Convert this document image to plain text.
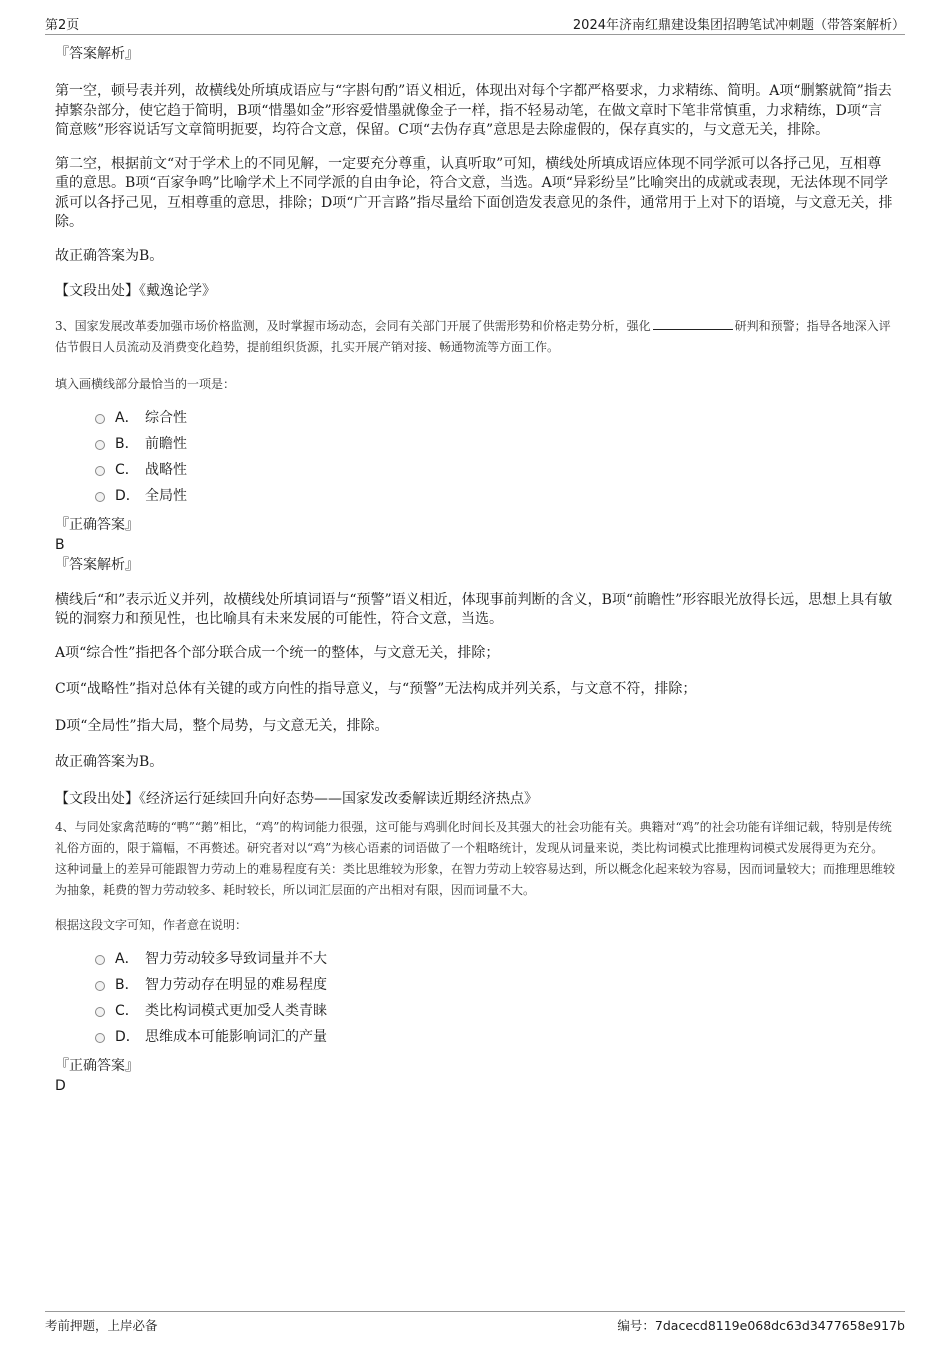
第2页	2024年济南红鼎建设集团招聘笔试冲刺题（带答案解析）
『答案解析』

第一空，顿号表并列，故横线处所填成语应与“字斟句酌”语义相近，体现出对每个字都严格要求，力求精练、简明。A项“删繁就简”指去掉繁杂部分，使它趋于简明，B项“惜墨如金”形容爱惜墨就像金子一样，指不轻易动笔，在做文章时下笔非常慎重，力求精练，D项“言简意赅”形容说话写文章简明扼要，均符合文意，保留。C项“去伪存真”意思是去除虚假的，保存真实的，与文意无关，排除。

第二空，根据前文“对于学术上的不同见解，一定要充分尊重，认真听取”可知，横线处所填成语应体现不同学派可以各抒己见，互相尊重的意思。B项“百家争鸣”比喻学术上不同学派的自由争论，符合文意，当选。A项“异彩纷呈”比喻突出的成就或表现，无法体现不同学派可以各抒己见，互相尊重的意思，排除；D项“广开言路”指尽量给下面创造发表意见的条件，通常用于上对下的语境，与文意无关，排除。

故正确答案为B。

【文段出处】《戴逸论学》

3、国家发展改革委加强市场价格监测，及时掌握市场动态，会同有关部门开展了供需形势和价格走势分析，强化	研判和预警；指导各地深入评估节假日人员流动及消费变化趋势，提前组织货源，扎实开展产销对接、畅通物流等方面工作。

填入画横线部分最恰当的一项是：

A． 综合性
B． 前瞻性
C． 战略性
D． 全局性
『正确答案』
B
『答案解析』

横线后“和”表示近义并列，故横线处所填词语与“预警”语义相近，体现事前判断的含义，B项“前瞻性”形容眼光放得长远，思想上具有敏锐的洞察力和预见性，也比喻具有未来发展的可能性，符合文意，当选。

A项“综合性”指把各个部分联合成一个统一的整体，与文意无关，排除；

C项“战略性”指对总体有关键的或方向性的指导意义，与“预警”无法构成并列关系，与文意不符，排除；

D项“全局性”指大局，整个局势，与文意无关，排除。

故正确答案为B。

【文段出处】《经济运行延续回升向好态势——国家发改委解读近期经济热点》

4、与同处家禽范畴的“鸭”“鹅”相比，“鸡”的构词能力很强，这可能与鸡驯化时间长及其强大的社会功能有关。典籍对“鸡”的社会功能有详细记载，特别是传统礼俗方面的，限于篇幅，不再赘述。研究者对以“鸡”为核心语素的词语做了一个粗略统计，发现从词量来说，类比构词模式比推理构词模式发展得更为充分。这种词量上的差异可能跟智力劳动上的难易程度有关：类比思维较为形象，在智力劳动上较容易达到，所以概念化起来较为容易，因而词量较大；而推理思维较为抽象，耗费的智力劳动较多、耗时较长，所以词汇层面的产出相对有限，因而词量不大。

根据这段文字可知，作者意在说明：

A． 智力劳动较多导致词量并不大
B． 智力劳动存在明显的难易程度
C． 类比构词模式更加受人类青睐
D． 思维成本可能影响词汇的产量
『正确答案』
D
考前押题，上岸必备	编号：7dacecd8119e068dc63d3477658e917b
